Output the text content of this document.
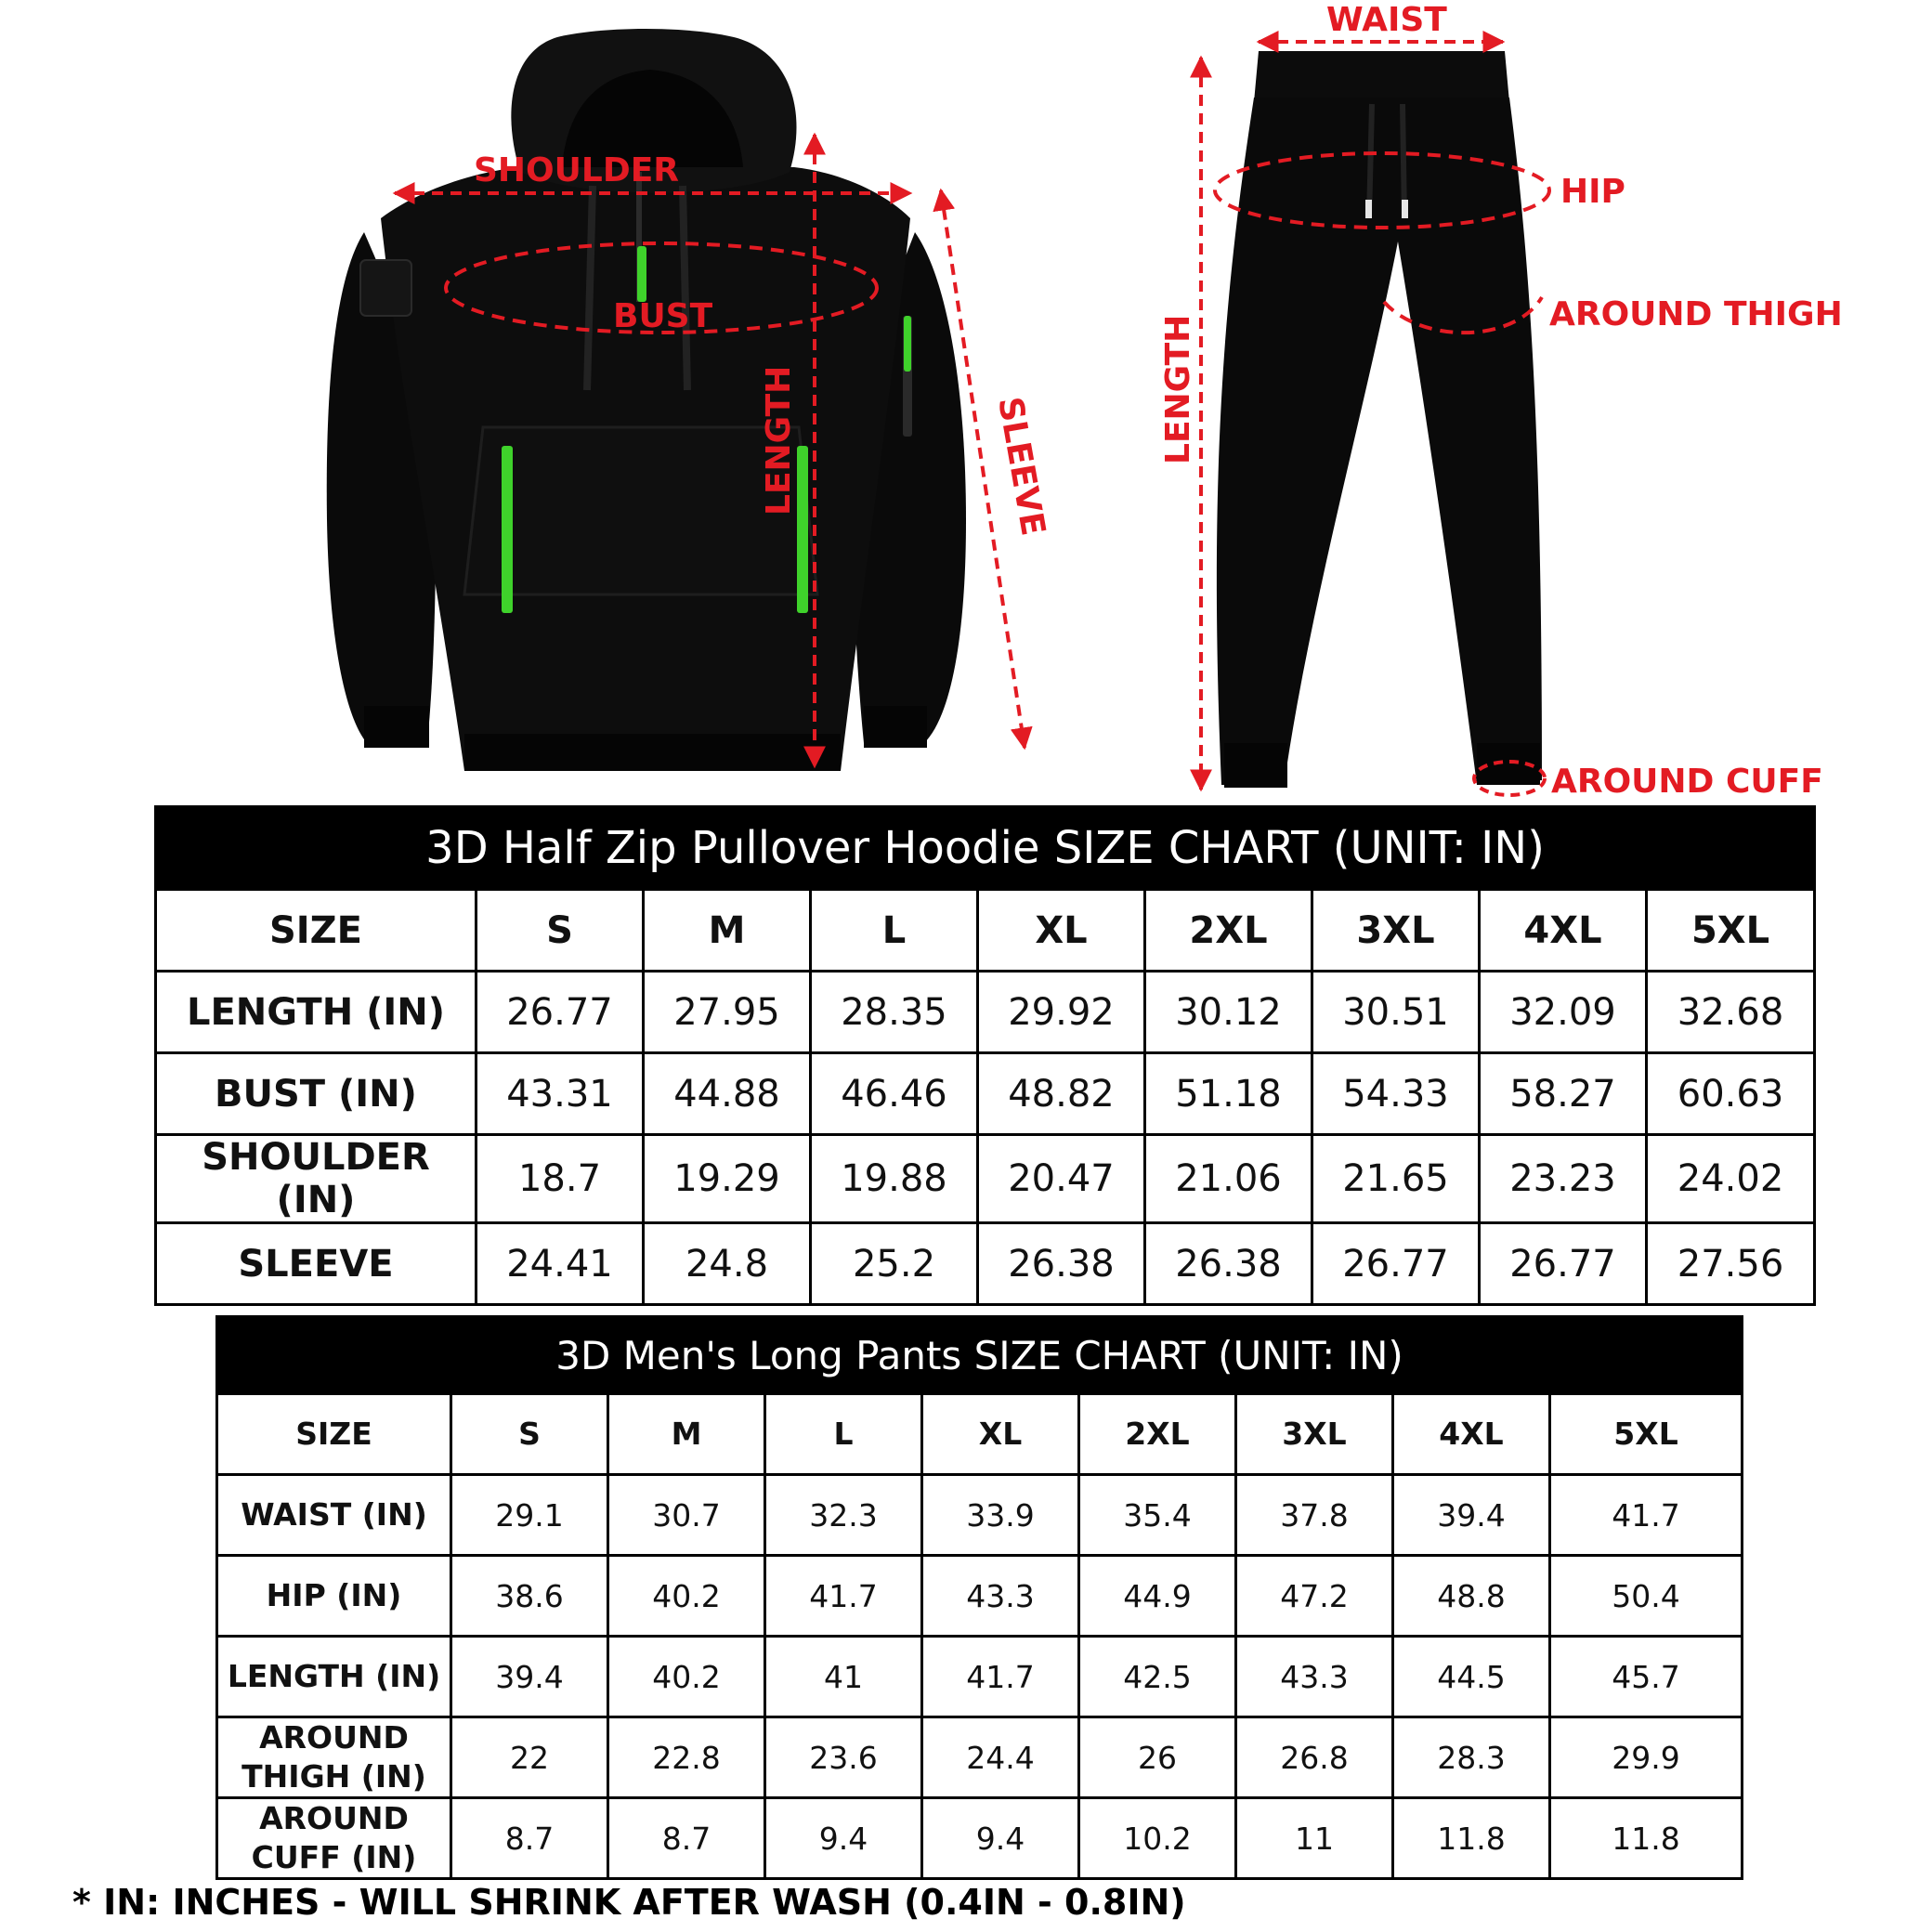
SHOULDER
BUST
LENGTH	SLEEVE
WAIST
LENGTH
HIP
AROUND THIGH
AROUND CUFF
3D Half Zip Pullover Hoodie SIZE CHART (UNIT: IN)								
SIZE	S	M	L	XL	2XL	3XL	4XL	5XL
LENGTH (IN)	26.77	27.95	28.35	29.92	30.12	30.51	32.09	32.68
BUST (IN)	43.31	44.88	46.46	48.82	51.18	54.33	58.27	60.63
SHOULDER (IN)	18.7	19.29	19.88	20.47	21.06	21.65	23.23	24.02
SLEEVE	24.41	24.8	25.2	26.38	26.38	26.77	26.77	27.56
3D Men's Long Pants SIZE CHART (UNIT: IN)								
SIZE	S	M	L	XL	2XL	3XL	4XL	5XL
WAIST (IN)	29.1	30.7	32.3	33.9	35.4	37.8	39.4	41.7
HIP (IN)	38.6	40.2	41.7	43.3	44.9	47.2	48.8	50.4
LENGTH (IN)	39.4	40.2	41	41.7	42.5	43.3	44.5	45.7
AROUND THIGH (IN)	22	22.8	23.6	24.4	26	26.8	28.3	29.9
AROUND CUFF (IN)	8.7	8.7	9.4	9.4	10.2	11	11.8	11.8
* IN: INCHES - WILL SHRINK AFTER WASH (0.4IN - 0.8IN)
